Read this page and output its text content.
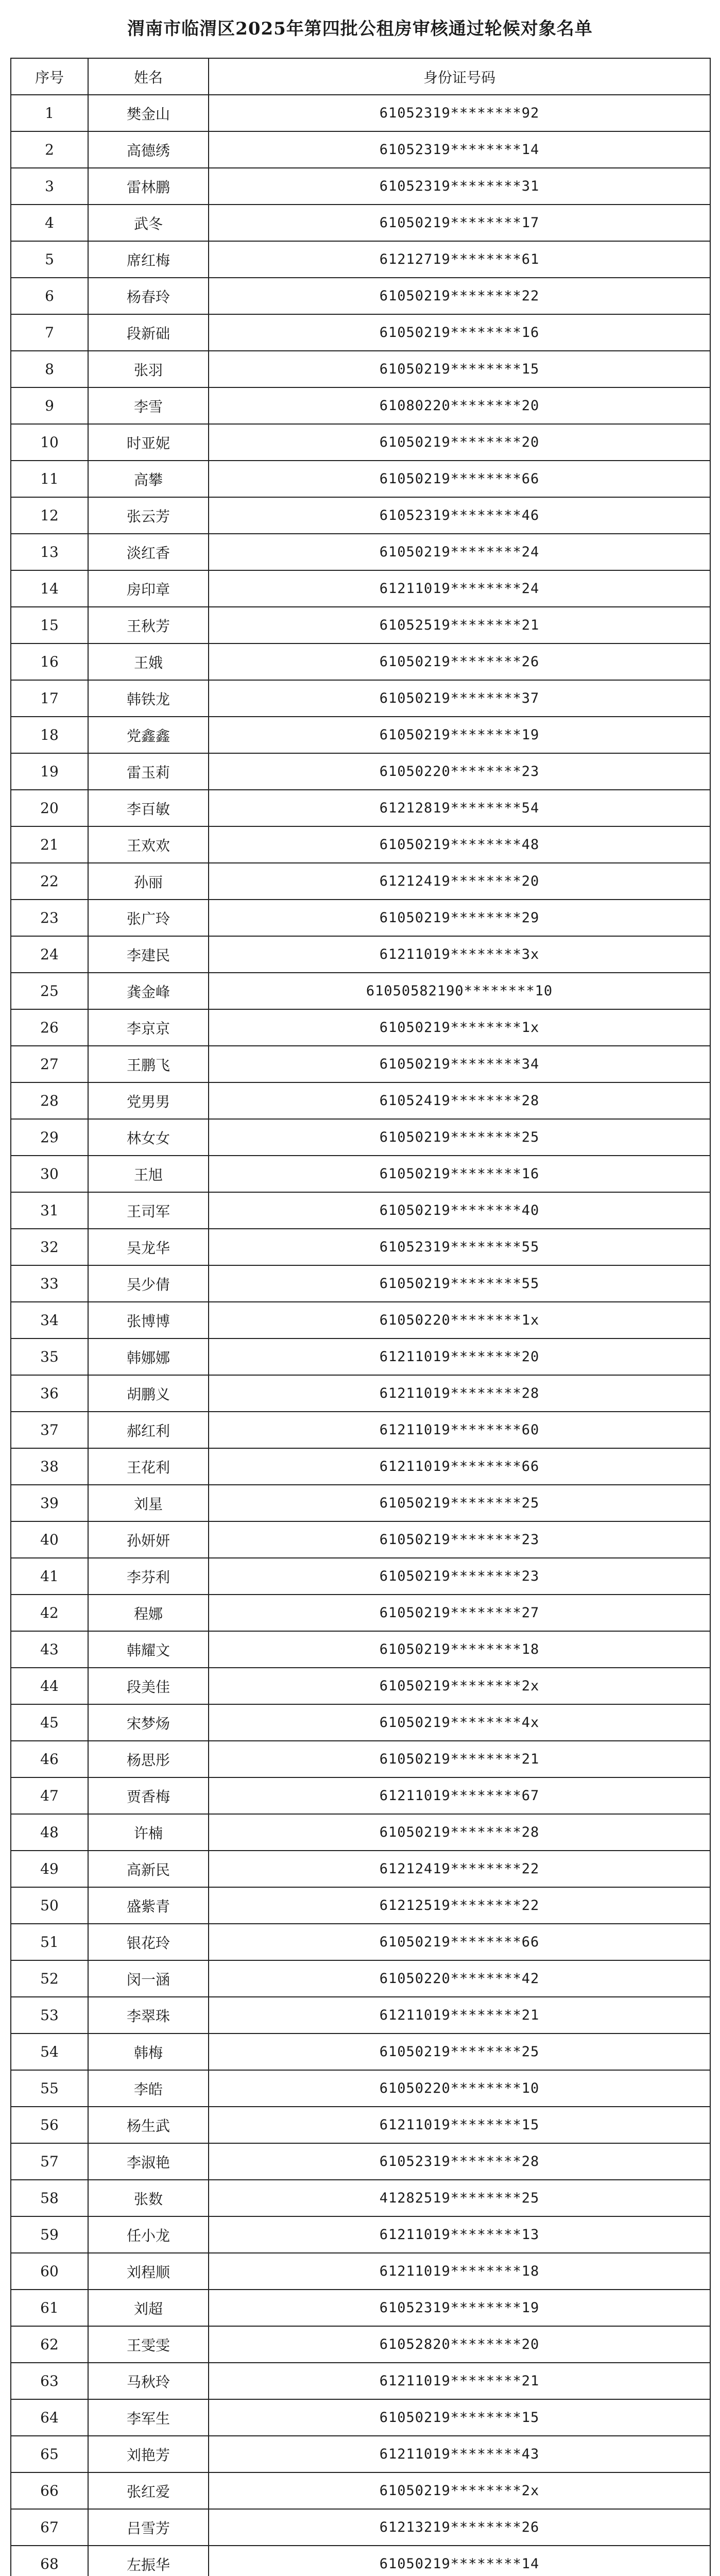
渭南市临渭区2025年第四批公租房审核通过轮候对象名单
序号	姓名	身份证号码
1	樊金山	61052319********92
2	高德绣	61052319********14
3	雷林鹏	61052319********31
4	武冬	61050219********17
5	席红梅	61212719********61
6	杨春玲	61050219********22
7	段新础	61050219********16
8	张羽	61050219********15
9	李雪	61080220********20
10	时亚妮	61050219********20
11	高攀	61050219********66
12	张云芳	61052319********46
13	淡红香	61050219********24
14	房印章	61211019********24
15	王秋芳	61052519********21
16	王娥	61050219********26
17	韩铁龙	61050219********37
18	党鑫鑫	61050219********19
19	雷玉莉	61050220********23
20	李百敏	61212819********54
21	王欢欢	61050219********48
22	孙丽	61212419********20
23	张广玲	61050219********29
24	李建民	61211019********3x
25	龚金峰	61050582190********10
26	李京京	61050219********1x
27	王鹏飞	61050219********34
28	党男男	61052419********28
29	林女女	61050219********25
30	王旭	61050219********16
31	王司军	61050219********40
32	吴龙华	61052319********55
33	吴少倩	61050219********55
34	张博博	61050220********1x
35	韩娜娜	61211019********20
36	胡鹏义	61211019********28
37	郝红利	61211019********60
38	王花利	61211019********66
39	刘星	61050219********25
40	孙妍妍	61050219********23
41	李芬利	61050219********23
42	程娜	61050219********27
43	韩耀文	61050219********18
44	段美佳	61050219********2x
45	宋梦炀	61050219********4x
46	杨思彤	61050219********21
47	贾香梅	61211019********67
48	许楠	61050219********28
49	高新民	61212419********22
50	盛紫青	61212519********22
51	银花玲	61050219********66
52	闵一涵	61050220********42
53	李翠珠	61211019********21
54	韩梅	61050219********25
55	李皓	61050220********10
56	杨生武	61211019********15
57	李淑艳	61052319********28
58	张数	41282519********25
59	任小龙	61211019********13
60	刘程顺	61211019********18
61	刘超	61052319********19
62	王雯雯	61052820********20
63	马秋玲	61211019********21
64	李军生	61050219********15
65	刘艳芳	61211019********43
66	张红爱	61050219********2x
67	吕雪芳	61213219********26
68	左振华	61050219********14
